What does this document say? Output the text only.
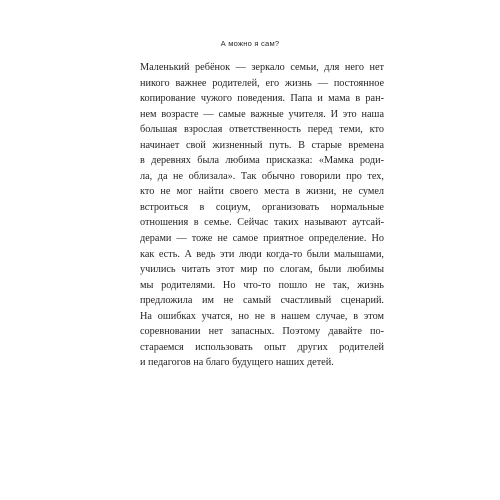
А можно я сам?
Маленький ребёнок — зеркало семьи, для него нет
никого важнее родителей, его жизнь — постоянное
копирование чужого поведения. Папа и мама в ран-
нем возрасте — самые важные учителя. И это наша
большая взрослая ответственность перед теми, кто
начинает свой жизненный путь. В старые времена
в деревнях была любима присказка: «Мамка роди-
ла, да не облизала». Так обычно говорили про тех,
кто не мог найти своего места в жизни, не сумел
встроиться в социум, организовать нормальные
отношения в семье. Сейчас таких называют аутсай-
дерами — тоже не самое приятное определение. Но
как есть. А ведь эти люди когда-то были малышами,
учились читать этот мир по слогам, были любимы
мы родителями. Но что-то пошло не так, жизнь
предложила им не самый счастливый сценарий.
На ошибках учатся, но не в нашем случае, в этом
соревновании нет запасных. Поэтому давайте по-
стараемся использовать опыт других родителей
и педагогов на благо будущего наших детей.
